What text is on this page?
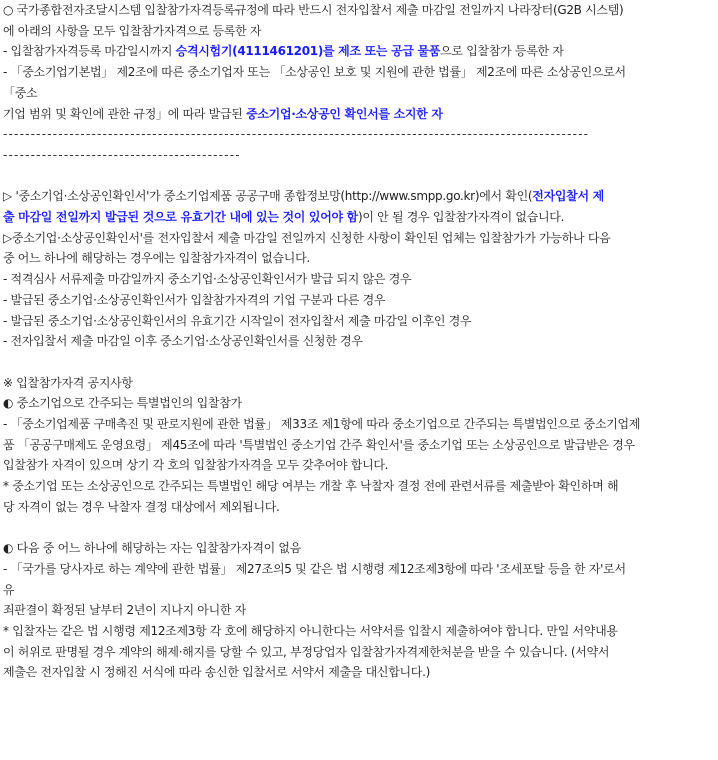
○ 국가종합전자조달시스템 입찰참가자격등록규정에 따라 반드시 전자입찰서 제출 마감일 전일까지 나라장터(G2B 시스템)
에 아래의 사항을 모두 입찰참가자격으로 등록한 자
- 입찰참가자격등록 마감일시까지 승격시험기(4111461201)를 제조 또는 공급 물품으로 입찰참가 등록한 자
- 「중소기업기본법」 제2조에 따른 중소기업자 또는 「소상공인 보호 및 지원에 관한 법률」 제2조에 따른 소상공인으로서
「중소
기업 범위 및 확인에 관한 규정」에 따라 발급된 중소기업·소상공인 확인서를 소지한 자
----------------------------------------------------------------------------------------------------------
-------------------------------------------
▷ '중소기업·소상공인확인서'가 중소기업제품 공공구매 종합정보망(http://www.smpp.go.kr)에서 확인(전자입찰서 제
출 마감일 전일까지 발급된 것으로 유효기간 내에 있는 것이 있어야 함)이 안 될 경우 입찰참가자격이 없습니다.
▷중소기업·소상공인확인서'를 전자입찰서 제출 마감일 전일까지 신청한 사항이 확인된 업체는 입찰참가가 가능하나 다음
중 어느 하나에 해당하는 경우에는 입찰참가자격이 없습니다.
- 적격심사 서류제출 마감일까지 중소기업·소상공인확인서가 발급 되지 않은 경우
- 발급된 중소기업·소상공인확인서가 입찰참가자격의 기업 구분과 다른 경우
- 발급된 중소기업·소상공인확인서의 유효기간 시작일이 전자입찰서 제출 마감일 이후인 경우
- 전자입찰서 제출 마감일 이후 중소기업·소상공인확인서를 신청한 경우
※ 입찰참가자격 공지사항
◐ 중소기업으로 간주되는 특별법인의 입찰참가
- 「중소기업제품 구매촉진 및 판로지원에 관한 법률」 제33조 제1항에 따라 중소기업으로 간주되는 특별법인으로 중소기업제
품 「공공구매제도 운영요령」 제45조에 따라 '특별법인 중소기업 간주 확인서'를 중소기업 또는 소상공인으로 발급받은 경우
입찰참가 자격이 있으며 상기 각 호의 입찰참가자격을 모두 갖추어야 합니다.
* 중소기업 또는 소상공인으로 간주되는 특별법인 해당 여부는 개찰 후 낙찰자 결정 전에 관련서류를 제출받아 확인하며 해
당 자격이 없는 경우 낙찰자 결정 대상에서 제외됩니다.
◐ 다음 중 어느 하나에 해당하는 자는 입찰참가자격이 없음
- 「국가를 당사자로 하는 계약에 관한 법률」 제27조의5 및 같은 법 시행령 제12조제3항에 따라 '조세포탈 등을 한 자'로서
유
죄판결이 확정된 날부터 2년이 지나지 아니한 자
* 입찰자는 같은 법 시행령 제12조제3항 각 호에 해당하지 아니한다는 서약서를 입찰시 제출하여야 합니다. 만일 서약내용
이 허위로 판명될 경우 계약의 해제·해지를 당할 수 있고, 부정당업자 입찰참가자격제한처분을 받을 수 있습니다. (서약서
제출은 전자입찰 시 정해진 서식에 따라 송신한 입찰서로 서약서 제출을 대신합니다.)
